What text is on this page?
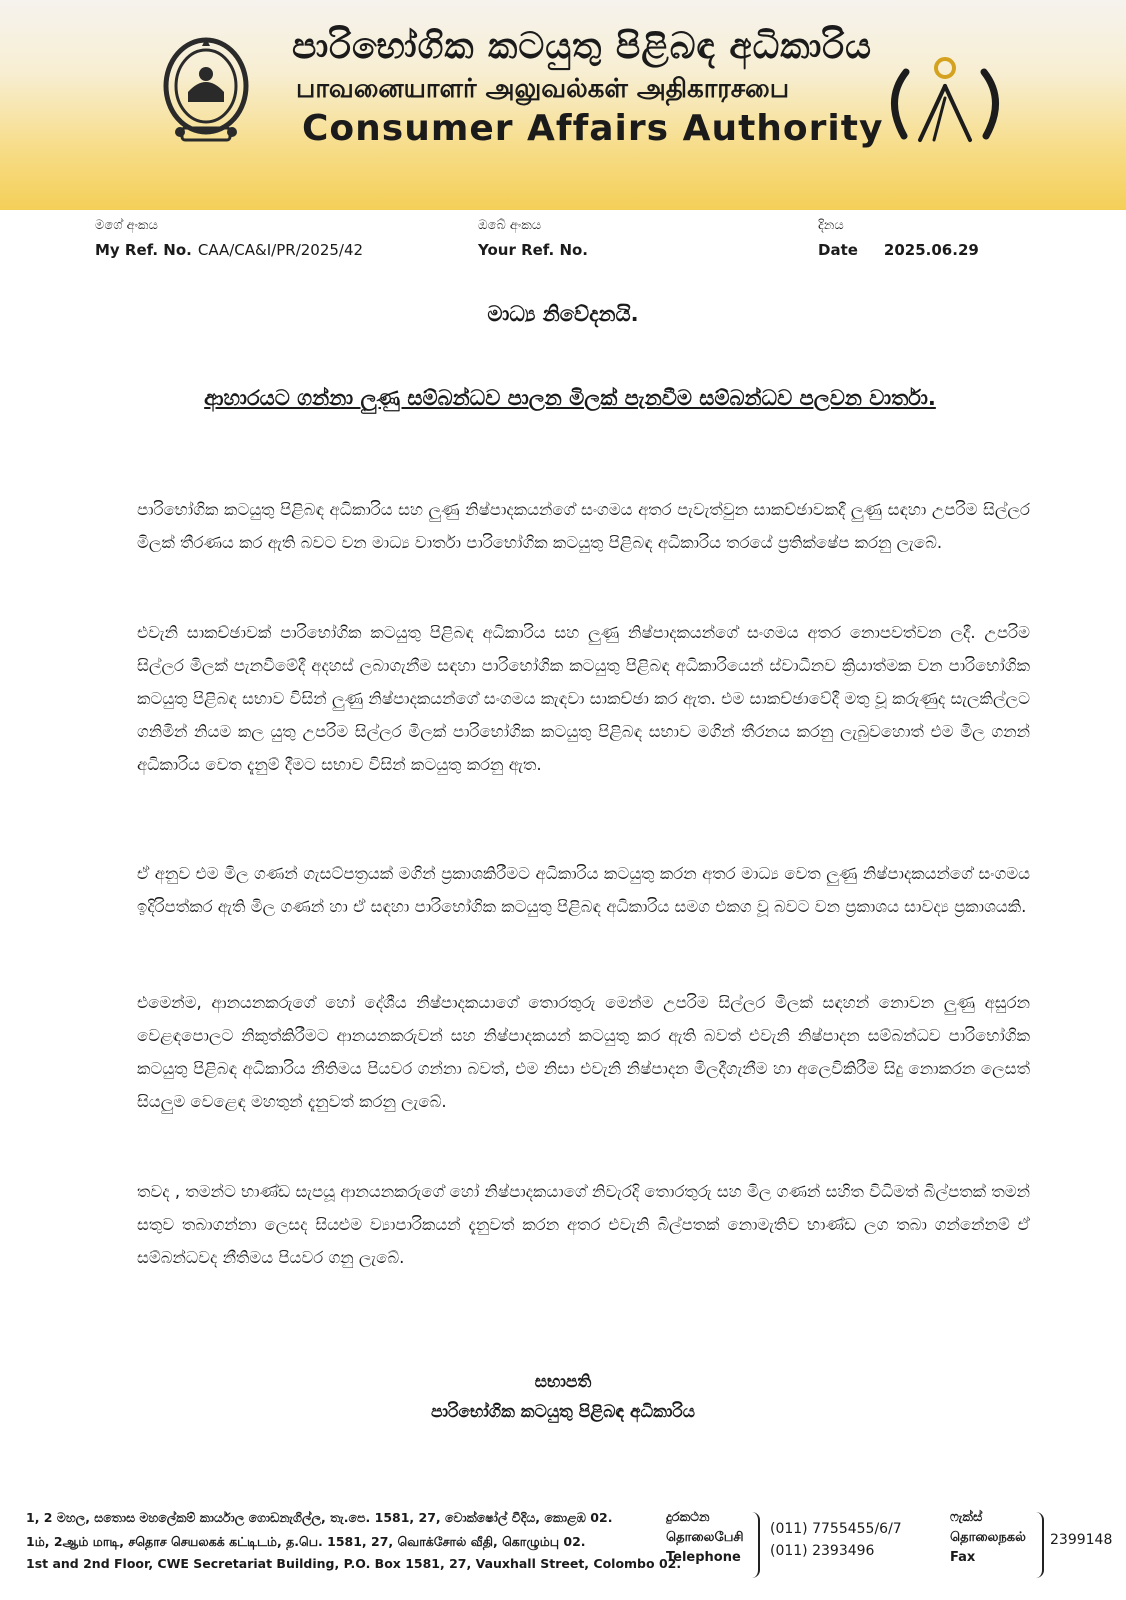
පාරිභෝගික කටයුතු පිළිබඳ අධිකාරිය
பாவனையாளர் அலுவல்கள் அதிகாரசபை
Consumer Affairs Authority
මගේ අංකය
My Ref. No. CAA/CA&I/PR/2025/42
ඔබේ අංකය
Your Ref. No.
දිනය
Date 2025.06.29
මාධ්‍ය නිවේදනයි.
ආහාරයට ගන්නා ලුණු සම්බන්ධව පාලන මිලක් පැනවීම සම්බන්ධව පලවන වාර්තා.

පාරිභෝගික කටයුතු පිළිබඳ අධිකාරිය සහ ලුණු නිෂ්පාදකයන්ගේ සංගමය අතර පැවැත්වුන සාකච්ඡාවකදී ලුණු සඳහා උපරිම සිල්ලර මිලක් තීරණය කර ඇති බවට වන මාධ්‍ය වාර්තා පාරිභෝගික කටයුතු පිළිබඳ අධිකාරිය තරයේ ප්‍රතික්ෂේප කරනු ලැබේ.

එවැනි සාකච්ඡාවක් පාරිභෝගික කටයුතු පිළිබඳ අධිකාරිය සහ ලුණු නිෂ්පාදකයන්ගේ සංගමය අතර නොපවත්වන ලදී. උපරිම සිල්ලර මිලක් පැනවීමේදී අදහස් ලබාගැනීම සඳහා පාරිභෝගික කටයුතු පිළිබඳ අධිකාරියෙන් ස්වාධීනව ක්‍රියාත්මක වන පාරිභෝගික කටයුතු පිළිබඳ සභාව විසින් ලුණු නිෂ්පාදකයන්ගේ සංගමය කැඳවා සාකච්ඡා කර ඇත. එම සාකච්ඡාවේදී මතු වූ කරුණුද සැලකිල්ලට ගනිමින් නියම කල යුතු උපරිම සිල්ලර මිලක් පාරිභෝගික කටයුතු පිළිබඳ සභාව මගින් තීරනය කරනු ලැබුවහොත් එම මිල ගනන් අධිකාරිය වෙත දැනුම් දීමට සභාව විසින් කටයුතු කරනු ඇත.

ඒ අනුව එම මිල ගණන් ගැසට්පත්‍රයක් මගින් ප්‍රකාශකිරීමට අධිකාරිය කටයුතු කරන අතර මාධ්‍ය වෙත ලුණු නිෂ්පාදකයන්ගේ සංගමය ඉදිරිපත්කර ඇති මිල ගණන් හා ඒ සඳහා පාරිභෝගික කටයුතු පිළිබඳ අධිකාරිය සමග එකග වූ බවට වන ප්‍රකාශය සාවද්‍ය ප්‍රකාශයකි.

එමෙන්ම, ආනයනකරුගේ හෝ දේශීය නිෂ්පාදකයාගේ තොරතුරු මෙන්ම උපරිම සිල්ලර මිලක් සඳහන් නොවන ලුණු අසුරන වෙළඳපොලට නිකුත්කිරීමට ආනයනකරුවන් සහ නිෂ්පාදකයන් කටයුතු කර ඇති බවත් එවැනි නිෂ්පාදන සම්බන්ධව පාරිභෝගික කටයුතු පිළිබඳ අධිකාරිය නීතිමය පියවර ගන්නා බවත්, එම නිසා එවැනි නිෂ්පාදන මිලදීගැනීම හා අලෙවිකිරීම සිදු නොකරන ලෙසත් සියලුම වෙළෙඳ මහතුන් දැනුවත් කරනු ලැබේ.

තවද , තමන්ට භාණ්ඩ සැපයූ ආනයනකරුගේ හෝ නිෂ්පාදකයාගේ නිවැරදි තොරතුරු සහ මිල ගණන් සහිත විධිමත් බිල්පතක් තමන් සතුව තබාගන්නා ලෙසද සියළුම ව්‍යාපාරිකයන් දැනුවත් කරන අතර එවැනි බිල්පතක් නොමැතිව භාණ්ඩ ලග තබා ගන්නේනම් ඒ සම්බන්ධවද නීතිමය පියවර ගනු ලැබේ.

සභාපති
පාරිභෝගික කටයුතු පිළිබඳ අධිකාරිය
1, 2 මහල, සතොස මහලේකම් කාර්යාල ගොඩනැගිල්ල, තැ.පෙ. 1581, 27, වොක්ෂෝල් වීදිය, කොළඹ 02.
1ம், 2ஆம் மாடி, சதொச செயலகக் கட்டிடம், த.பெ. 1581, 27, வொக்சோல் வீதி, கொழும்பு 02.
1st and 2nd Floor, CWE Secretariat Building, P.O. Box 1581, 27, Vauxhall Street, Colombo 02.
දුරකථන
தொலைபேசி
Telephone
(011) 7755455/6/7
(011) 2393496
ෆැක්ස්
தொலைநகல்
Fax
2399148
